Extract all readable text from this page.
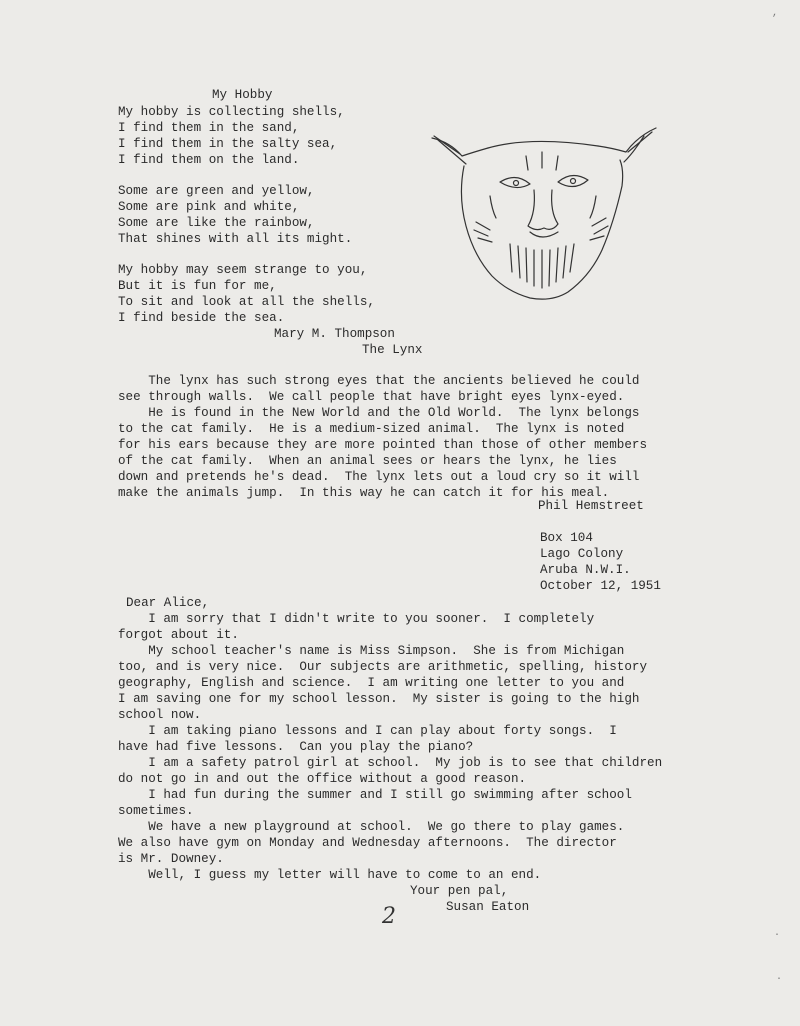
My Hobby

My hobby is collecting shells,

I find them in the sand,

I find them in the salty sea,

I find them on the land.

Some are green and yellow,

Some are pink and white,

Some are like the rainbow,

That shines with all its might.

My hobby may seem strange to you,

But it is fun for me,

To sit and look at all the shells,

I find beside the sea.

Mary M. Thompson

The Lynx

The lynx has such strong eyes that the ancients believed he could

see through walls.  We call people that have bright eyes lynx-eyed.

He is found in the New World and the Old World.  The lynx belongs

to the cat family.  He is a medium-sized animal.  The lynx is noted

for his ears because they are more pointed than those of other members

of the cat family.  When an animal sees or hears the lynx, he lies

down and pretends he's dead.  The lynx lets out a loud cry so it will

make the animals jump.  In this way he can catch it for his meal.

Phil Hemstreet

Box 104

Lago Colony

Aruba N.W.I.

October 12, 1951

Dear Alice,

I am sorry that I didn't write to you sooner.  I completely

forgot about it.

My school teacher's name is Miss Simpson.  She is from Michigan

too, and is very nice.  Our subjects are arithmetic, spelling, history

geography, English and science.  I am writing one letter to you and

I am saving one for my school lesson.  My sister is going to the high

school now.

I am taking piano lessons and I can play about forty songs.  I

have had five lessons.  Can you play the piano?

I am a safety patrol girl at school.  My job is to see that children

do not go in and out the office without a good reason.

I had fun during the summer and I still go swimming after school

sometimes.

We have a new playground at school.  We go there to play games.

We also have gym on Monday and Wednesday afternoons.  The director

is Mr. Downey.

Well, I guess my letter will have to come to an end.

Your pen pal,

Susan Eaton

2
,
.
.
